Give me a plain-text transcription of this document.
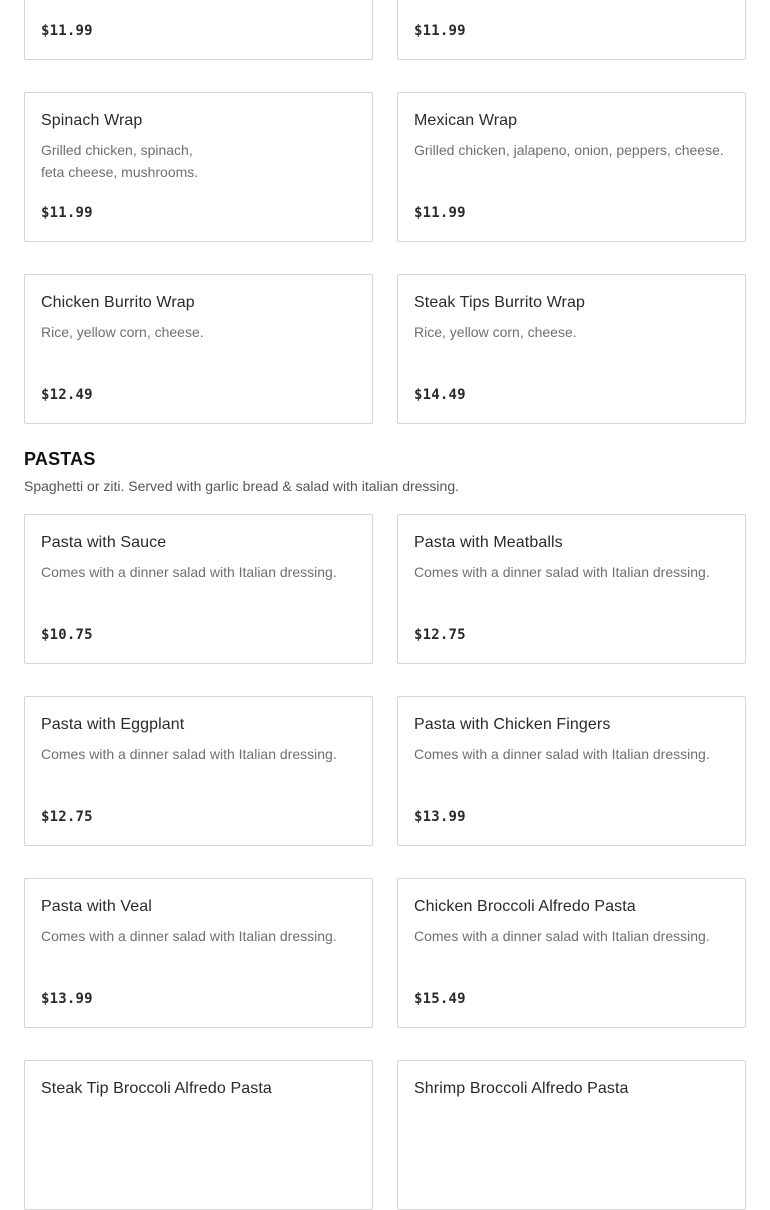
$11.99	$11.99
Spinach Wrap
Grilled chicken, spinach,
feta cheese, mushrooms.
$11.99
Mexican Wrap
Grilled chicken, jalapeno, onion, peppers, cheese.
$11.99
Chicken Burrito Wrap
Rice, yellow corn, cheese.
$12.49
Steak Tips Burrito Wrap
Rice, yellow corn, cheese.
$14.49
PASTAS
Spaghetti or ziti. Served with garlic bread & salad with italian dressing.
Pasta with Sauce
Comes with a dinner salad with Italian dressing.
$10.75
Pasta with Meatballs
Comes with a dinner salad with Italian dressing.
$12.75
Pasta with Eggplant
Comes with a dinner salad with Italian dressing.
$12.75
Pasta with Chicken Fingers
Comes with a dinner salad with Italian dressing.
$13.99
Pasta with Veal
Comes with a dinner salad with Italian dressing.
$13.99
Chicken Broccoli Alfredo Pasta
Comes with a dinner salad with Italian dressing.
$15.49
Steak Tip Broccoli Alfredo Pasta	Shrimp Broccoli Alfredo Pasta
